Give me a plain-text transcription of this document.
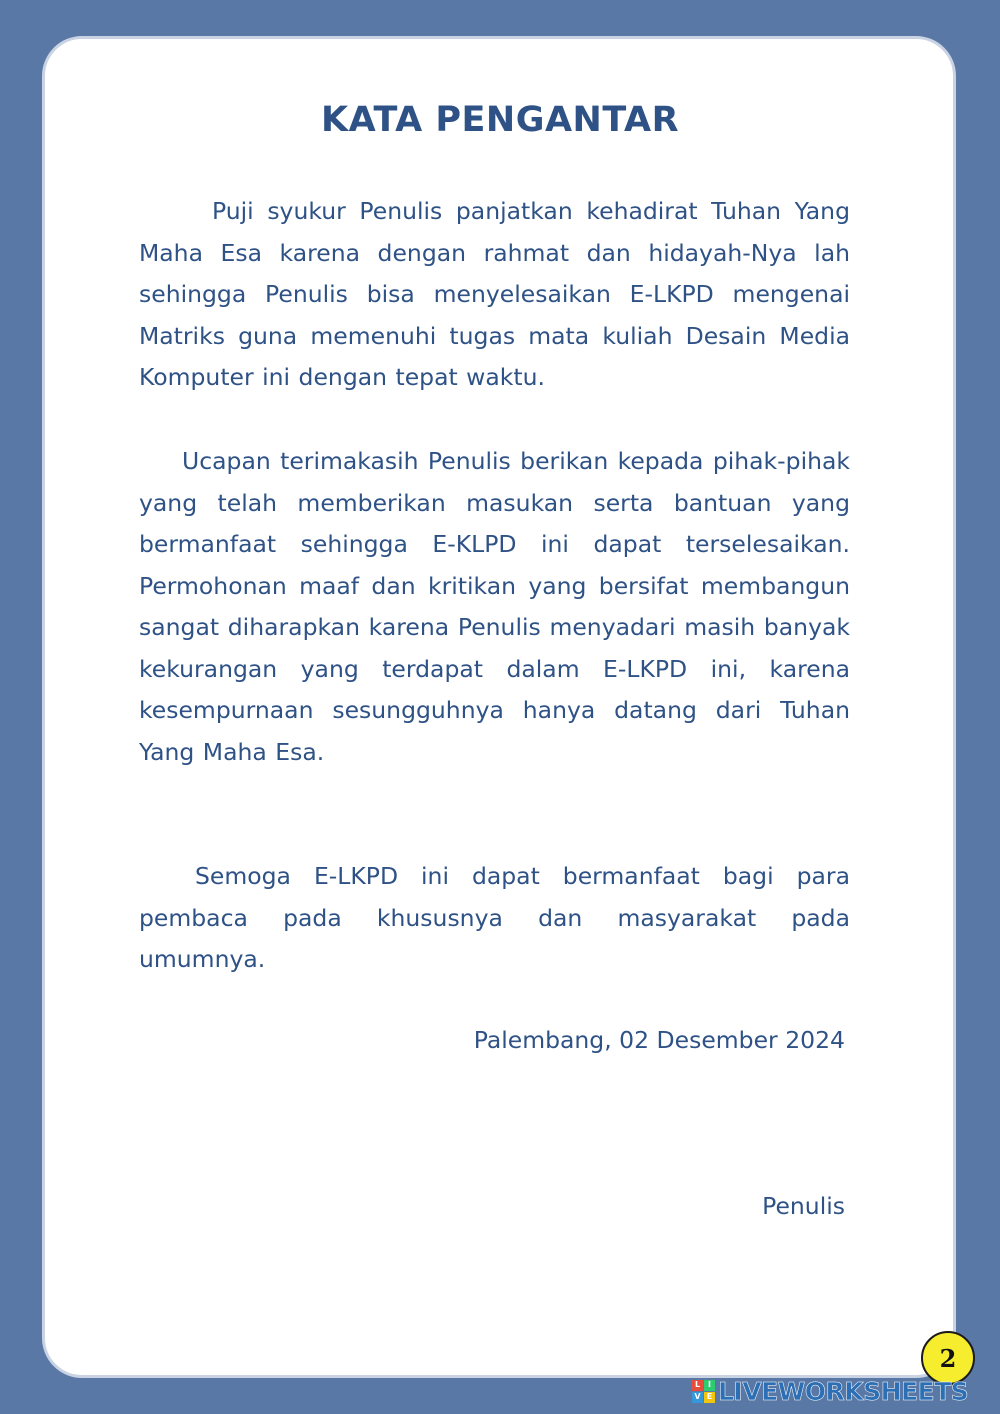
KATA PENGANTAR

Puji syukur Penulis panjatkan kehadirat Tuhan Yang Maha Esa karena dengan rahmat dan hidayah-Nya lah sehingga Penulis bisa menyelesaikan E-LKPD mengenai Matriks guna memenuhi tugas mata kuliah Desain Media Komputer ini dengan tepat waktu.

Ucapan terimakasih Penulis berikan kepada pihak-pihak yang telah memberikan masukan serta bantuan yang bermanfaat sehingga E-KLPD ini dapat terselesaikan. Permohonan maaf dan kritikan yang bersifat membangun sangat diharapkan karena Penulis menyadari masih banyak kekurangan yang terdapat dalam E-LKPD ini, karena kesempurnaan sesungguhnya hanya datang dari Tuhan Yang Maha Esa.

Semoga E-LKPD ini dapat bermanfaat bagi para pembaca pada khususnya dan masyarakat pada umumnya.

Palembang, 02 Desember 2024

Penulis

2
L I
V E LIVEWORKSHEETS
